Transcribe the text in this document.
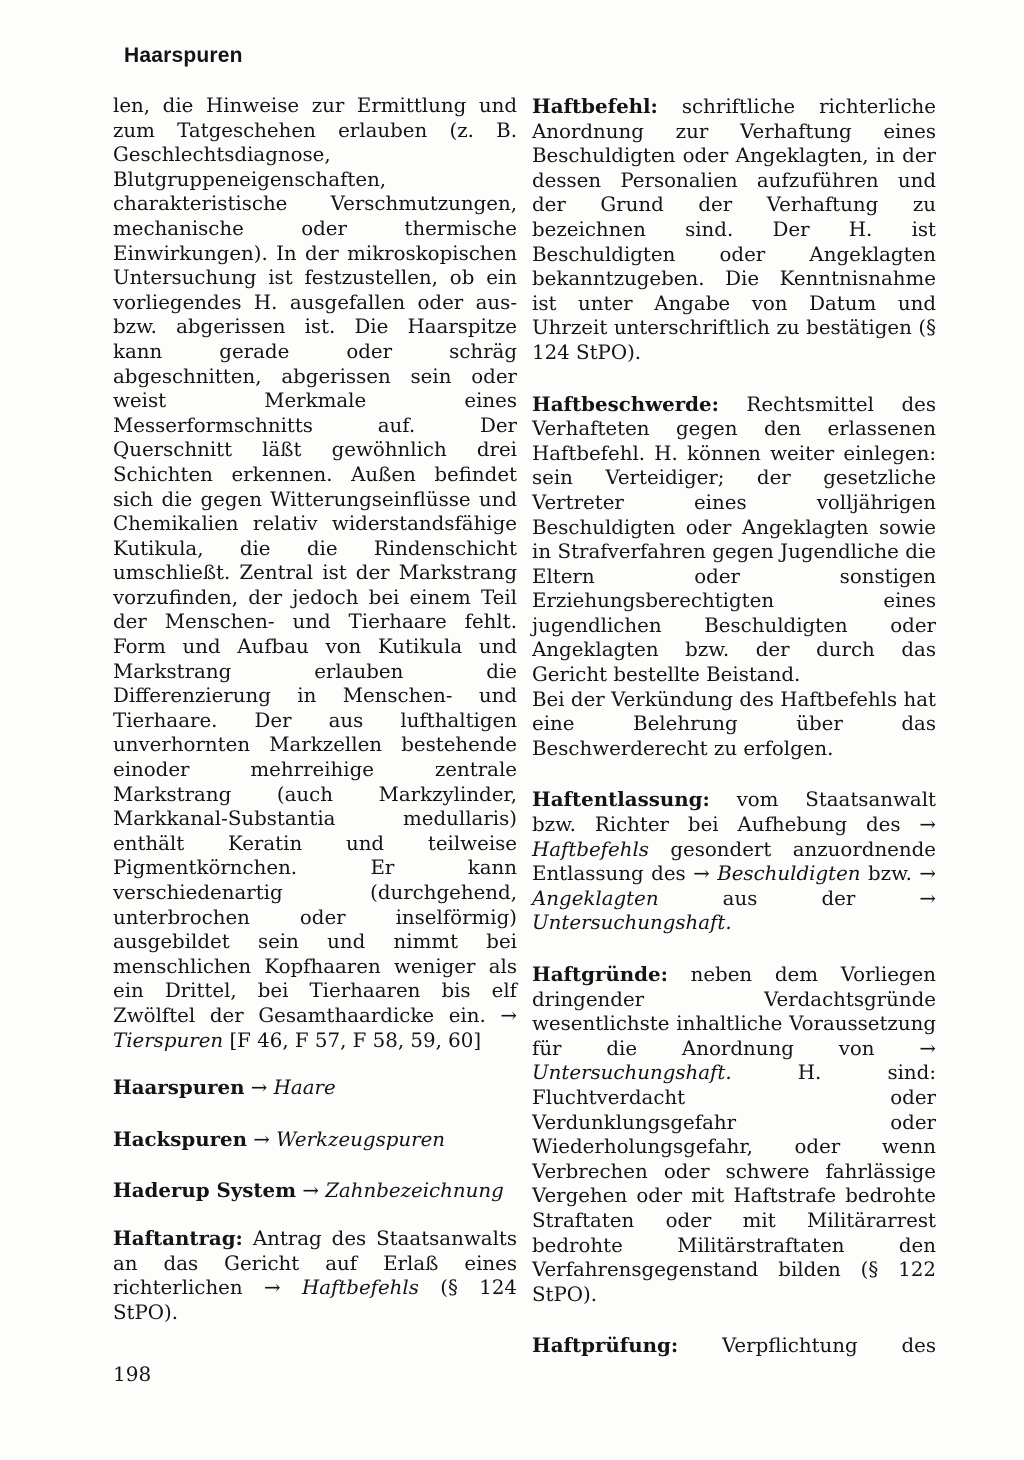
Haarspuren

len, die Hinweise zur Ermittlung und zum Tatgeschehen erlauben (z. B. Geschlechtsdiagnose, Blutgruppeneigenschaften, charakteristische Verschmutzungen, mechanische oder thermische Einwirkungen). In der mikroskopischen Untersuchung ist festzustellen, ob ein vorliegendes H. ausgefallen oder aus- bzw. abgerissen ist. Die Haarspitze kann gerade oder schräg abgeschnitten, abgerissen sein oder weist Merkmale eines Messerformschnitts auf. Der Querschnitt läßt gewöhnlich drei Schichten erkennen. Außen befindet sich die gegen Witterungseinflüsse und Chemikalien relativ widerstandsfähige Kutikula, die die Rindenschicht umschließt. Zentral ist der Markstrang vorzufinden, der jedoch bei einem Teil der Menschen- und Tierhaare fehlt. Form und Aufbau von Kutikula und Markstrang erlauben die Differenzierung in Menschen- und Tierhaare. Der aus lufthaltigen unverhornten Markzellen bestehende einoder mehrreihige zentrale Markstrang (auch Markzylinder, Markkanal-Substantia medullaris) enthält Keratin und teilweise Pigmentkörnchen. Er kann verschiedenartig (durchgehend, unterbrochen oder inselförmig) ausgebildet sein und nimmt bei menschlichen Kopfhaaren weniger als ein Drittel, bei Tierhaaren bis elf Zwölftel der Gesamthaardicke ein. → Tierspuren [F 46, F 57, F 58, 59, 60]

Haarspuren → Haare

Hackspuren → Werkzeugspuren

Haderup System → Zahnbezeichnung

Haftantrag: Antrag des Staatsanwalts an das Gericht auf Erlaß eines richterlichen → Haftbefehls (§ 124 StPO).

Haftbefehl: schriftliche richterliche Anordnung zur Verhaftung eines Beschuldigten oder Angeklagten, in der dessen Personalien aufzuführen und der Grund der Verhaftung zu bezeichnen sind. Der H. ist Beschuldigten oder Angeklagten bekanntzugeben. Die Kenntnisnahme ist unter Angabe von Datum und Uhrzeit unterschriftlich zu bestätigen (§ 124 StPO).

Haftbeschwerde: Rechtsmittel des Verhafteten gegen den erlassenen Haftbefehl. H. können weiter einlegen: sein Verteidiger; der gesetzliche Vertreter eines volljährigen Beschuldigten oder Angeklagten sowie in Strafverfahren gegen Jugendliche die Eltern oder sonstigen Erziehungsberechtigten eines jugendlichen Beschuldigten oder Angeklagten bzw. der durch das Gericht bestellte Beistand.

Bei der Verkündung des Haftbefehls hat eine Belehrung über das Beschwerderecht zu erfolgen.

Haftentlassung: vom Staatsanwalt bzw. Richter bei Aufhebung des → Haftbefehls gesondert anzuordnende Entlassung des → Beschuldigten bzw. → Angeklagten	aus der	→ Untersuchungshaft.

Haftgründe: neben dem Vorliegen dringender Verdachtsgründe wesentlichste inhaltliche Voraussetzung für die Anordnung von → Untersuchungshaft.	H. sind: Fluchtverdacht oder Verdunklungsgefahr oder Wiederholungsgefahr, oder wenn Verbrechen oder schwere fahrlässige Vergehen oder mit Haftstrafe bedrohte Straftaten oder mit Militärarrest bedrohte Militärstraftaten den Verfahrensgegenstand bilden (§ 122 StPO).

Haftprüfung: Verpflichtung des

198
